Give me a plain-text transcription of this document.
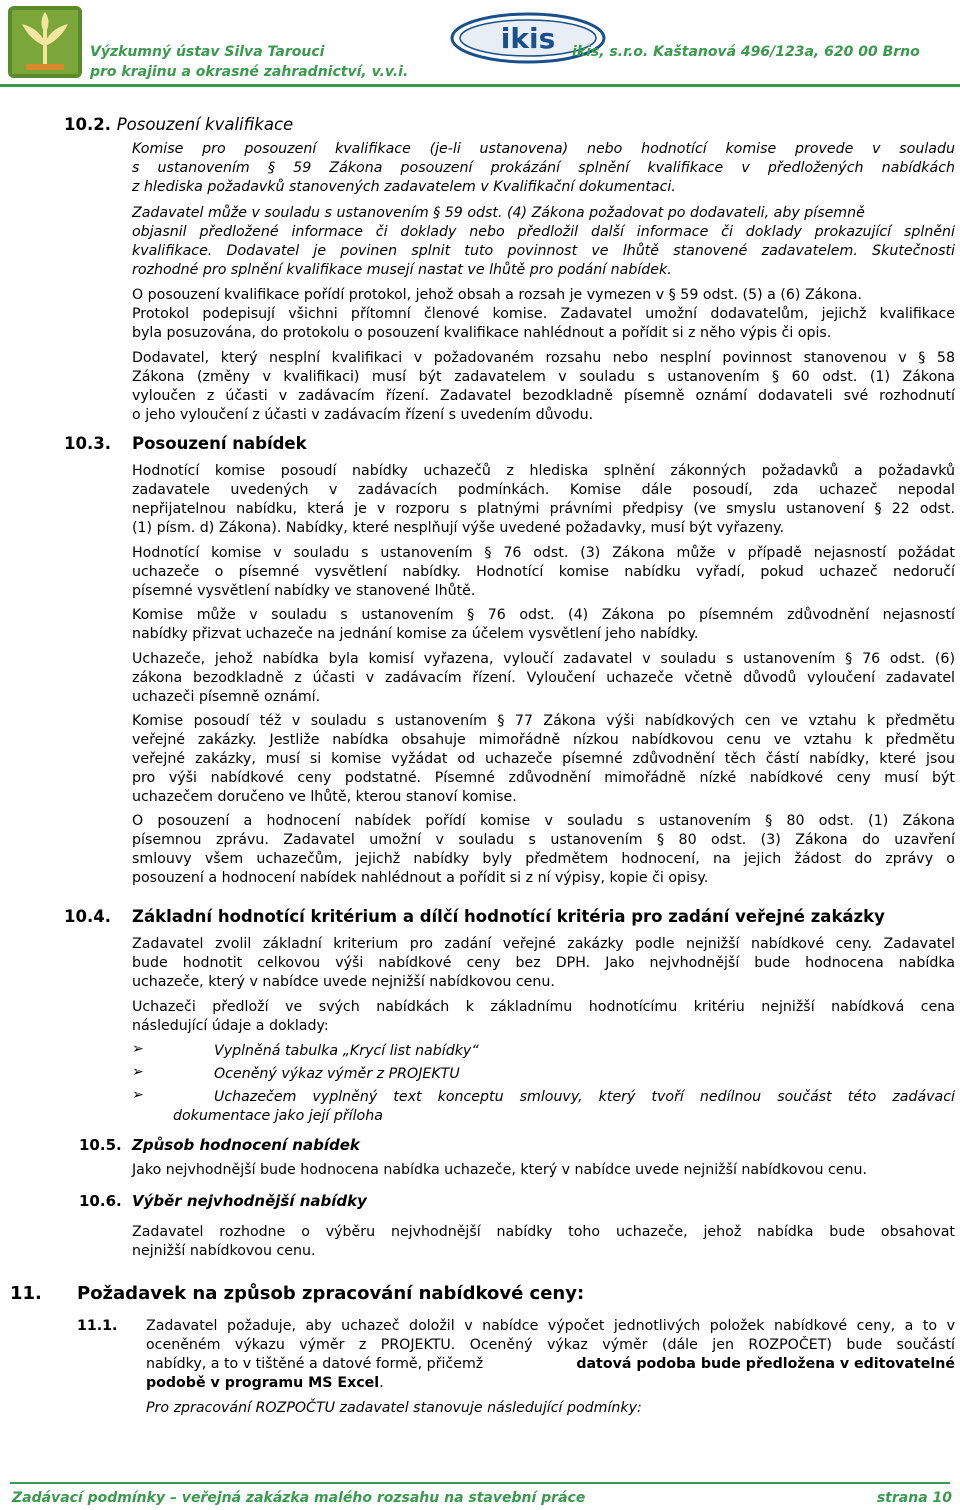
Výzkumný ústav Silva Tarouci
pro krajinu a okrasné zahradnictví, v.v.i.
ikis ikis, s.r.o. Kaštanová 496/123a, 620 00 Brno
10.2. Posouzení kvalifikace
Komise pro posouzení kvalifikace (je-li ustanovena) nebo hodnotící komise provede v souladu
s ustanovením § 59 Zákona posouzení prokázání splnění kvalifikace v předložených nabídkách
z hlediska požadavků stanovených zadavatelem v Kvalifikační dokumentaci.
Zadavatel může v souladu s ustanovením § 59 odst. (4) Zákona požadovat po dodavateli, aby písemně
objasnil předložené informace či doklady nebo předložil další informace či doklady prokazující splnění
kvalifikace. Dodavatel je povinen splnit tuto povinnost ve lhůtě stanovené zadavatelem. Skutečnosti
rozhodné pro splnění kvalifikace musejí nastat ve lhůtě pro podání nabídek.
O posouzení kvalifikace pořídí protokol, jehož obsah a rozsah je vymezen v § 59 odst. (5) a (6) Zákona.
Protokol podepisují všichni přítomní členové komise. Zadavatel umožní dodavatelům, jejichž kvalifikace
byla posuzována, do protokolu o posouzení kvalifikace nahlédnout a pořídit si z něho výpis či opis.
Dodavatel, který nesplní kvalifikaci v požadovaném rozsahu nebo nesplní povinnost stanovenou v § 58
Zákona (změny v kvalifikaci) musí být zadavatelem v souladu s ustanovením § 60 odst. (1) Zákona
vyloučen z účasti v zadávacím řízení. Zadavatel bezodkladně písemně oznámí dodavateli své rozhodnutí
o jeho vyloučení z účasti v zadávacím řízení s uvedením důvodu.
10.3. Posouzení nabídek
Hodnotící komise posoudí nabídky uchazečů z hlediska splnění zákonných požadavků a požadavků
zadavatele uvedených v zadávacích podmínkách. Komise dále posoudí, zda uchazeč nepodal
nepřijatelnou nabídku, která je v rozporu s platnými právními předpisy (ve smyslu ustanovení § 22 odst.
(1) písm. d) Zákona). Nabídky, které nesplňují výše uvedené požadavky, musí být vyřazeny.
Hodnotící komise v souladu s ustanovením § 76 odst. (3) Zákona může v případě nejasností požádat
uchazeče o písemné vysvětlení nabídky. Hodnotící komise nabídku vyřadí, pokud uchazeč nedoručí
písemné vysvětlení nabídky ve stanovené lhůtě.
Komise může v souladu s ustanovením § 76 odst. (4) Zákona po písemném zdůvodnění nejasností
nabídky přizvat uchazeče na jednání komise za účelem vysvětlení jeho nabídky.
Uchazeče, jehož nabídka byla komisí vyřazena, vyloučí zadavatel v souladu s ustanovením § 76 odst. (6)
zákona bezodkladně z účasti v zadávacím řízení. Vyloučení uchazeče včetně důvodů vyloučení zadavatel
uchazeči písemně oznámí.
Komise posoudí též v souladu s ustanovením § 77 Zákona výši nabídkových cen ve vztahu k předmětu
veřejné zakázky. Jestliže nabídka obsahuje mimořádně nízkou nabídkovou cenu ve vztahu k předmětu
veřejné zakázky, musí si komise vyžádat od uchazeče písemné zdůvodnění těch částí nabídky, které jsou
pro výši nabídkové ceny podstatné. Písemné zdůvodnění mimořádně nízké nabídkové ceny musí být
uchazečem doručeno ve lhůtě, kterou stanoví komise.
O posouzení a hodnocení nabídek pořídí komise v souladu s ustanovením § 80 odst. (1) Zákona
písemnou zprávu. Zadavatel umožní v souladu s ustanovením § 80 odst. (3) Zákona do uzavření
smlouvy všem uchazečům, jejichž nabídky byly předmětem hodnocení, na jejich žádost do zprávy o
posouzení a hodnocení nabídek nahlédnout a pořídit si z ní výpisy, kopie či opisy.
10.4. Základní hodnotící kritérium a dílčí hodnotící kritéria pro zadání veřejné zakázky
Zadavatel zvolil základní kriterium pro zadání veřejné zakázky podle nejnižší nabídkové ceny. Zadavatel
bude hodnotit celkovou výši nabídkové ceny bez DPH. Jako nejvhodnější bude hodnocena nabídka
uchazeče, který v nabídce uvede nejnižší nabídkovou cenu.
Uchazeči předloží ve svých nabídkách k základnímu hodnotícímu kritériu nejnižší nabídková cena
následující údaje a doklady:
➢	Vyplněná tabulka „Krycí list nabídky“
➢	Oceněný výkaz výměr z PROJEKTU
➢	Uchazečem vyplněný text konceptu smlouvy, který tvoří nedílnou součást této zadávací
dokumentace jako její příloha
10.5. Způsob hodnocení nabídek
Jako nejvhodnější bude hodnocena nabídka uchazeče, který v nabídce uvede nejnižší nabídkovou cenu.
10.6. Výběr nejvhodnější nabídky
Zadavatel rozhodne o výběru nejvhodnější nabídky toho uchazeče, jehož nabídka bude obsahovat
nejnižší nabídkovou cenu.
11. Požadavek na způsob zpracování nabídkové ceny:
11.1. Zadavatel požaduje, aby uchazeč doložil v nabídce výpočet jednotlivých položek nabídkové ceny, a to v
oceněném výkazu výměr z PROJEKTU. Oceněný výkaz výměr (dále jen ROZPOČET) bude součástí
nabídky, a to v tištěné a datové formě, přičemž	datová podoba bude předložena v editovatelné
podobě v programu MS Excel.
Pro zpracování ROZPOČTU zadavatel stanovuje následující podmínky:
Zadávací podmínky – veřejná zakázka malého rozsahu na stavební práce	strana 10
